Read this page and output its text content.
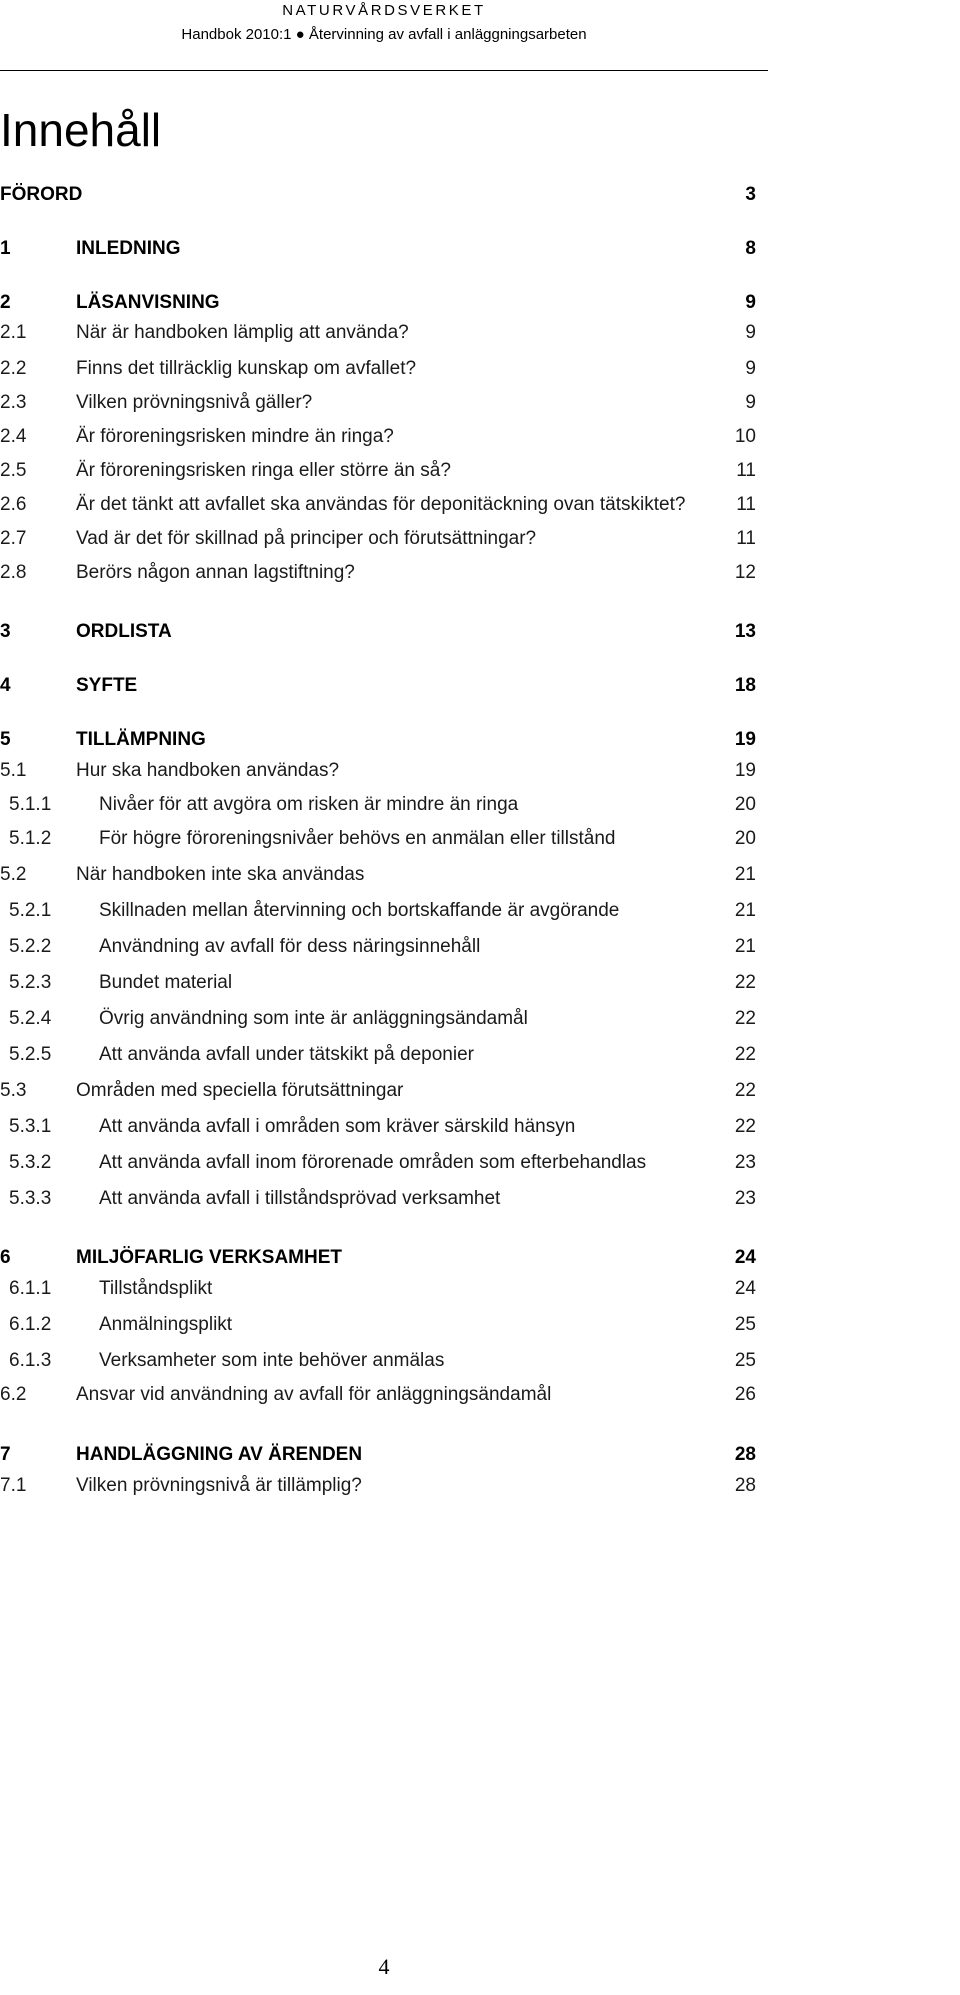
NATURVÅRDSVERKET
Handbok 2010:1 ● Återvinning av avfall i anläggningsarbeten
Innehåll
FÖRORD	3
1	INLEDNING	8
2	LÄSANVISNING	9
2.1	När är handboken lämplig att använda?	9
2.2	Finns det tillräcklig kunskap om avfallet?	9
2.3	Vilken prövningsnivå gäller?	9
2.4	Är föroreningsrisken mindre än ringa?	10
2.5	Är föroreningsrisken ringa eller större än så?	11
2.6	Är det tänkt att avfallet ska användas för deponitäckning ovan tätskiktet?	11
2.7	Vad är det för skillnad på principer och förutsättningar?	11
2.8	Berörs någon annan lagstiftning?	12
3	ORDLISTA	13
4	SYFTE	18
5	TILLÄMPNING	19
5.1	Hur ska handboken användas?	19
5.1.1	Nivåer för att avgöra om risken är mindre än ringa	20
5.1.2	För högre föroreningsnivåer behövs en anmälan eller tillstånd	20
5.2	När handboken inte ska användas	21
5.2.1	Skillnaden mellan återvinning och bortskaffande är avgörande	21
5.2.2	Användning av avfall för dess näringsinnehåll	21
5.2.3	Bundet material	22
5.2.4	Övrig användning som inte är anläggningsändamål	22
5.2.5	Att använda avfall under tätskikt på deponier	22
5.3	Områden med speciella förutsättningar	22
5.3.1	Att använda avfall i områden som kräver särskild hänsyn	22
5.3.2	Att använda avfall inom förorenade områden som efterbehandlas	23
5.3.3	Att använda avfall i tillståndsprövad verksamhet	23
6	MILJÖFARLIG VERKSAMHET	24
6.1.1	Tillståndsplikt	24
6.1.2	Anmälningsplikt	25
6.1.3	Verksamheter som inte behöver anmälas	25
6.2	Ansvar vid användning av avfall för anläggningsändamål	26
7	HANDLÄGGNING AV ÄRENDEN	28
7.1	Vilken prövningsnivå är tillämplig?	28
4
